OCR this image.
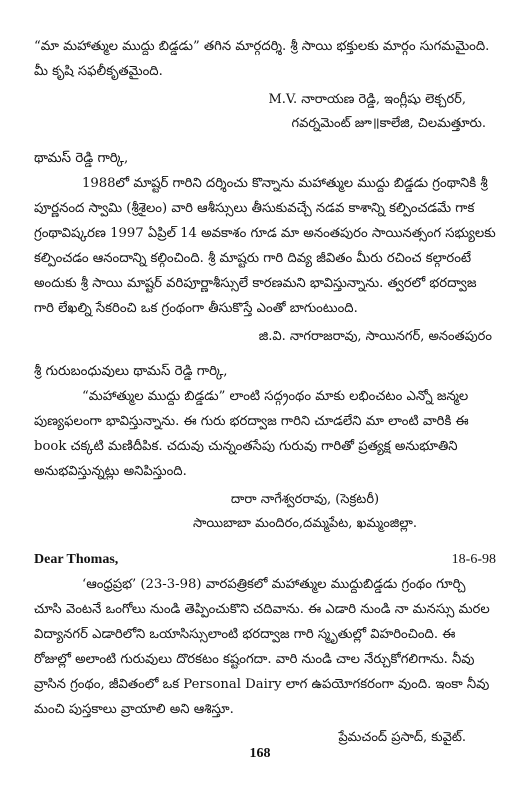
“మా మహాత్ముల ముద్దు బిడ్డడు” తగిన మార్గదర్శి. శ్రీ సాయి భక్తులకు మార్గం సుగమమైంది. మీ కృషి సఫలీకృతమైంది.

M.V. నారాయణ రెడ్డి, ఇంగ్లీషు లెక్చరర్,

గవర్నమెంట్ జూ॥కాలేజి, చిలమత్తూరు.

థామస్ రెడ్డి గార్కి,

1988లో మాష్టర్ గారిని దర్శించు కొన్నాను మహాత్ముల ముద్దు బిడ్డడు గ్రంథానికి శ్రీ పూర్ణనంద స్వామి (శ్రీశైలం) వారి ఆశీస్సులు తీసుకువచ్చే నడవ కాశాన్ని కల్పించడమే గాక గ్రంథావిష్కరణ 1997 ఏప్రిల్ 14 అవకాశం గూడ మా అనంతపురం సాయినత్సంగ సభ్యులకు కల్పించడం ఆనందాన్ని కల్గించింది. శ్రీ మాష్టరు గారి దివ్య జీవితం మీరు రచించ కల్గారంటే అందుకు శ్రీ సాయి మాష్టర్ వరిపూర్ణాశీస్సులే కారణమని భావిస్తున్నాను. త్వరలో భరద్వాజ గారి లేఖల్ని సేకరించి ఒక గ్రంథంగా తీసుకొస్తే ఎంతో బాగుంటుంది.

జి.వి. నాగరాజరావు, సాయినగర్, అనంతపురం

శ్రీ గురుబంధువులు థామస్ రెడ్డి గార్కి,

“మహాత్ముల ముద్దు బిడ్డడు” లాంటి సద్గ్రంథం మాకు లభించటం ఎన్నో జన్మల పుణ్యఫలంగా భావిస్తున్నాను. ఈ గురు భరద్వాజ గారిని చూడలేని మా లాంటి వారికి ఈ book చక్కటి మణిదీపిక. చదువు చున్నంతసేపు గురువు గారితో ప్రత్యక్ష అనుభూతిని అనుభవిస్తున్నట్లు అనిపిస్తుంది.

దారా నాగేశ్వరరావు, (సెక్రటరీ)

సాయిబాబా మందిరం,దమ్మపేట, ఖమ్మంజిల్లా.

Dear Thomas,	18-6-98

‘ఆంధ్రప్రభ’ (23-3-98) వారపత్రికలో మహాత్ముల ముద్దుబిడ్డడు గ్రంథం గూర్చి చూసి వెంటనే ఒంగోలు నుండి తెప్పించుకొని చదివాను. ఈ ఎడారి నుండి నా మనస్సు మరల విద్యానగర్ ఎడారిలోని ఒయాసిస్సులాంటి భరద్వాజ గారి స్మృతుల్లో విహరించింది. ఈ రోజుల్లో అలాంటి గురువులు దొరకటం కష్టంగదా. వారి నుండి చాల నేర్చుకోగలిగాను. నీవు వ్రాసిన గ్రంథం, జీవితంలో ఒక Personal Dairy లాగ ఉపయోగకరంగా వుంది. ఇంకా నీవు మంచి పుస్తకాలు వ్రాయాలి అని ఆశిస్తూ.

ప్రేమచంద్ ప్రసాద్, కువైట్.

168
